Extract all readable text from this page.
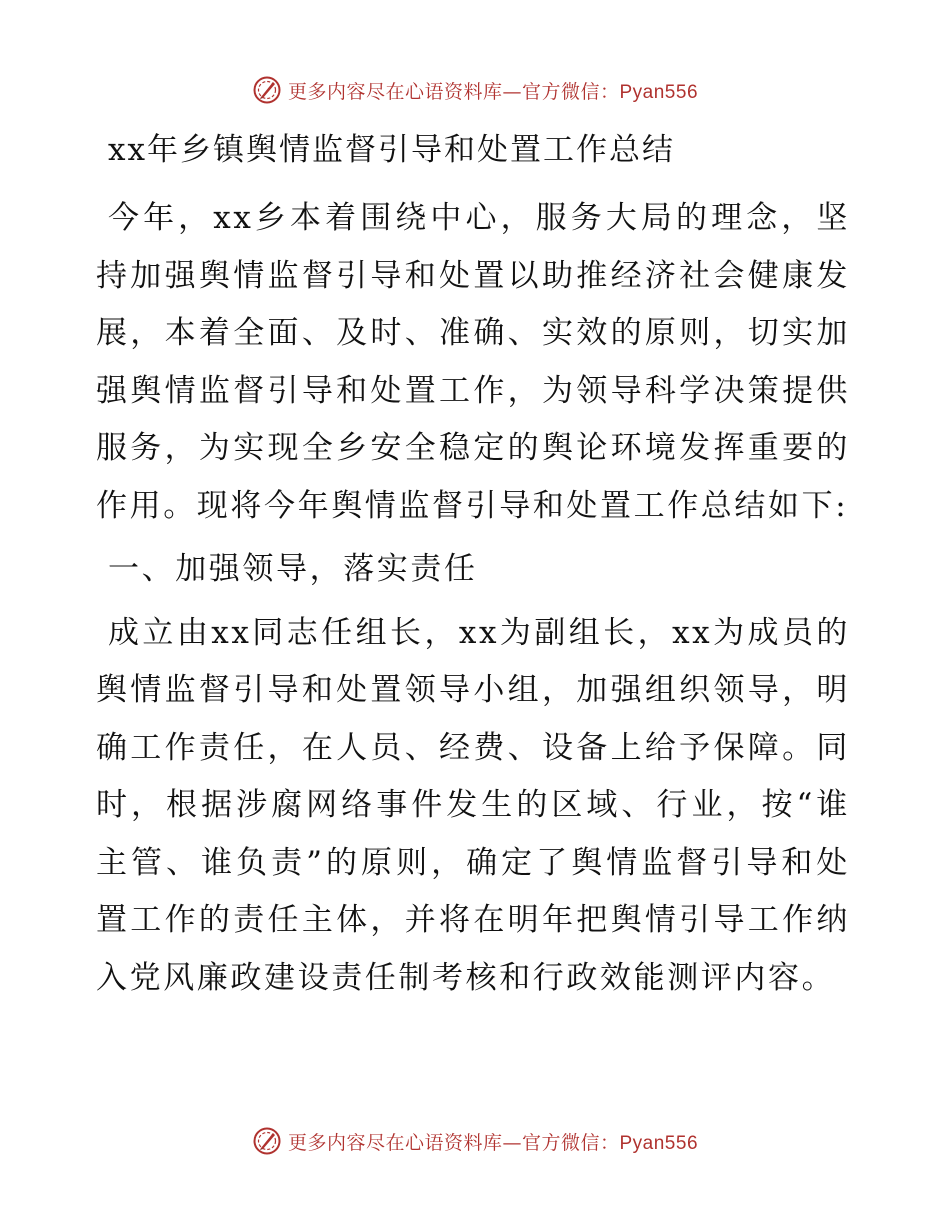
更多内容尽在心语资料库—官方微信：Pyan556
xx年乡镇舆情监督引导和处置工作总结

今年，xx乡本着围绕中心，服务大局的理念，坚持加强舆情监督引导和处置以助推经济社会健康发展，本着全面、及时、准确、实效的原则，切实加强舆情监督引导和处置工作，为领导科学决策提供服务，为实现全乡安全稳定的舆论环境发挥重要的作用。现将今年舆情监督引导和处置工作总结如下:

一、加强领导，落实责任

成立由xx同志任组长，xx为副组长，xx为成员的舆情监督引导和处置领导小组，加强组织领导，明确工作责任，在人员、经费、设备上给予保障。同时，根据涉腐网络事件发生的区域、行业，按“谁主管、谁负责”的原则，确定了舆情监督引导和处置工作的责任主体，并将在明年把舆情引导工作纳入党风廉政建设责任制考核和行政效能测评内容。

更多内容尽在心语资料库—官方微信：Pyan556
